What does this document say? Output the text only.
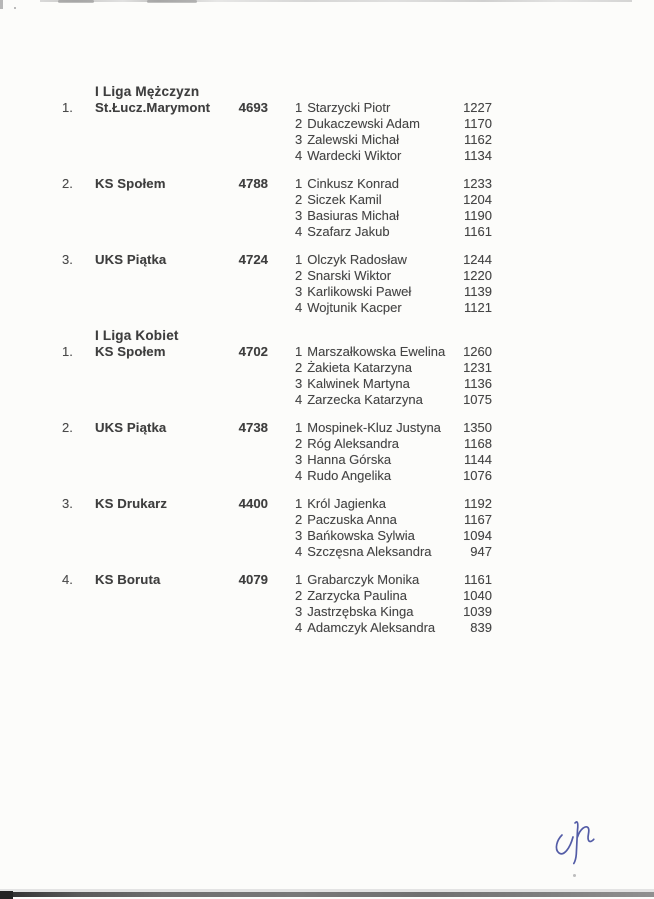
I Liga Mężczyzn
1.	St.Łucz.Marymont	4693 1 Starzycki Piotr	1227
2 Dukaczewski Adam	1170
3 Zalewski Michał	1162
4 Wardecki Wiktor	1134
2.	KS Społem	4788 1 Cinkusz Konrad	1233
2 Siczek Kamil	1204
3 Basiuras Michał	1190
4 Szafarz Jakub	1161
3.	UKS Piątka	4724 1 Olczyk Radosław	1244
2 Snarski Wiktor	1220
3 Karlikowski Paweł	1139
4 Wojtunik Kacper	1121
I Liga Kobiet
1.	KS Społem	4702 1 Marszałkowska Ewelina 1260
2 Żakieta Katarzyna	1231
3 Kalwinek Martyna	1136
4 Zarzecka Katarzyna	1075
2.	UKS Piątka	4738 1 Mospinek-Kluz Justyna 1350
2 Róg Aleksandra	1168
3 Hanna Górska	1144
4 Rudo Angelika	1076
3.	KS Drukarz	4400 1 Król Jagienka	1192
2 Paczuska Anna	1167
3 Bańkowska Sylwia	1094
4 Szczęsna Aleksandra	947
4.	KS Boruta	4079 1 Grabarczyk Monika	1161
2 Zarzycka Paulina	1040
3 Jastrzębska Kinga	1039
4 Adamczyk Aleksandra	839
